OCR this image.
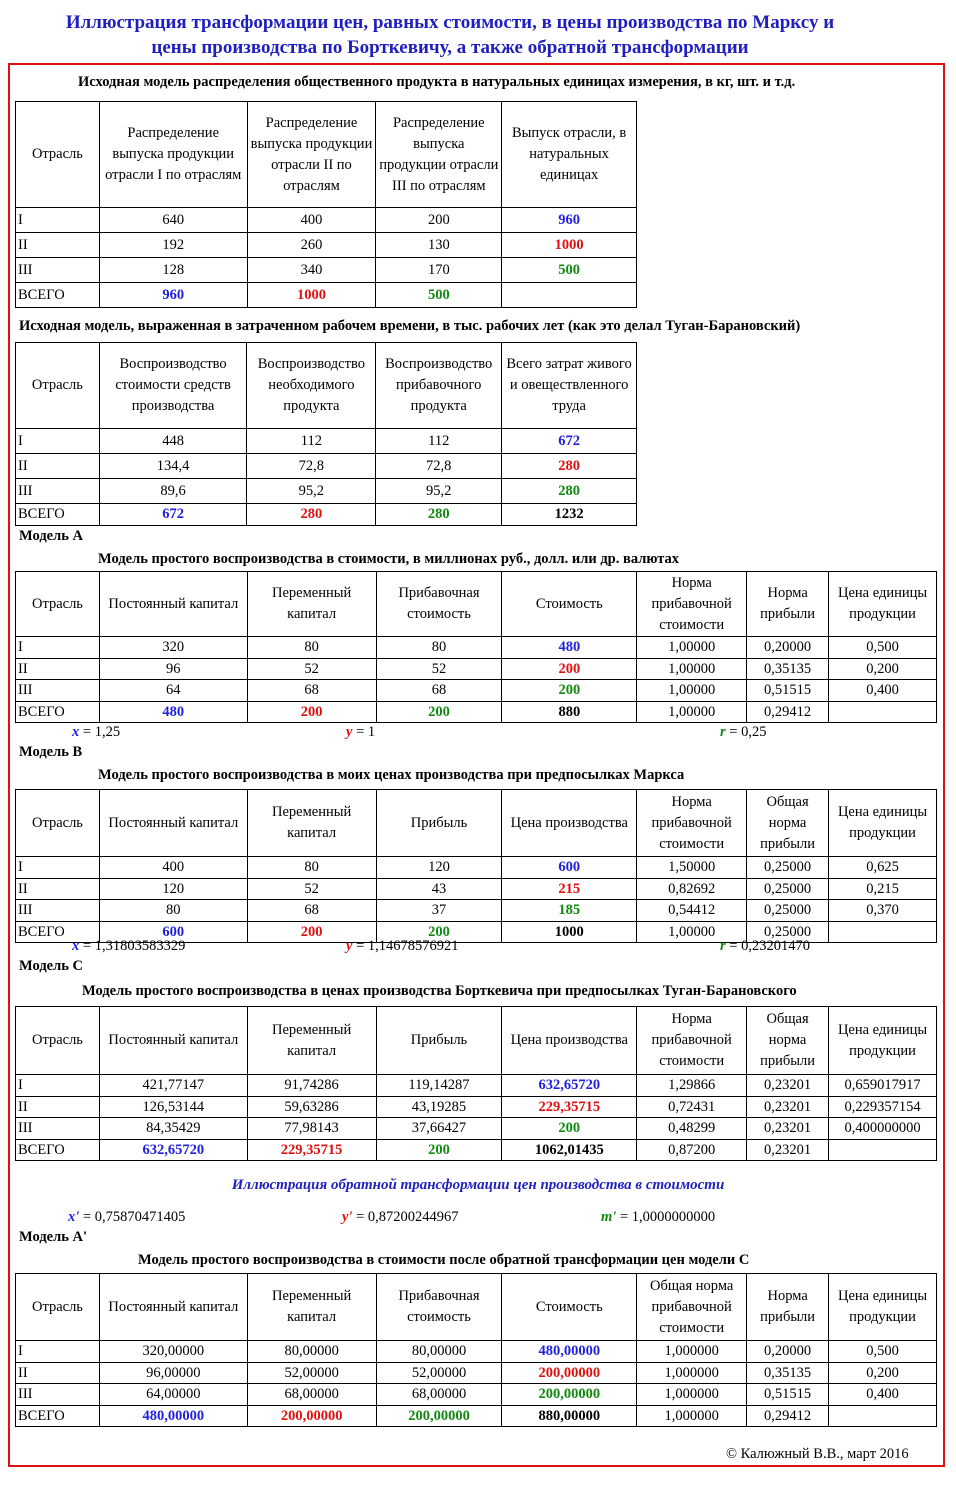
Иллюстрация трансформации цен, равных стоимости, в цены производства по Марксу и
цены производства по Борткевичу, а также обратной трансформации
Исходная модель распределения общественного продукта в натуральных единицах измерения, в кг, шт. и т.д.
Отрасль	Распределение выпуска продукции отрасли I по отраслям	Распределение выпуска продукции отрасли II по отраслям	Распределение выпуска продукции отрасли III по отраслям	Выпуск отрасли, в натуральных единицах
I	640	400	200	960
II	192	260	130	1000
III	128	340	170	500
ВСЕГО	960	1000	500	
Исходная модель, выраженная в затраченном рабочем времени, в тыс. рабочих лет (как это делал Туган-Барановский)
Отрасль	Воспроизводство стоимости средств производства	Воспроизводство необходимого продукта	Воспроизводство прибавочного продукта	Всего затрат живого и овеществленного труда
I	448	112	112	672
II	134,4	72,8	72,8	280
III	89,6	95,2	95,2	280
ВСЕГО	672	280	280	1232
Модель А
Модель простого воспроизводства в стоимости, в миллионах руб., долл. или др. валютах
Отрасль	Постоянный капитал	Переменный капитал	Прибавочная стоимость	Стоимость	Норма прибавочной стоимости	Норма прибыли	Цена единицы продукции
I	320	80	80	480	1,00000	0,20000	0,500
II	96	52	52	200	1,00000	0,35135	0,200
III	64	68	68	200	1,00000	0,51515	0,400
ВСЕГО	480	200	200	880	1,00000	0,29412	
x = 1,25	y = 1	r = 0,25
Модель В
Модель простого воспроизводства в моих ценах производства при предпосылках Маркса
Отрасль	Постоянный капитал	Переменный капитал	Прибыль	Цена производства	Норма прибавочной стоимости	Общая норма прибыли	Цена единицы продукции
I	400	80	120	600	1,50000	0,25000	0,625
II	120	52	43	215	0,82692	0,25000	0,215
III	80	68	37	185	0,54412	0,25000	0,370
ВСЕГО	600	200	200	1000	1,00000	0,25000	
x = 1,31803583329	y = 1,14678576921	r = 0,23201470
Модель С
Модель простого воспроизводства в ценах производства Борткевича при предпосылках Туган-Барановского
Отрасль	Постоянный капитал	Переменный капитал	Прибыль	Цена производства	Норма прибавочной стоимости	Общая норма прибыли	Цена единицы продукции
I	421,77147	91,74286	119,14287	632,65720	1,29866	0,23201	0,659017917
II	126,53144	59,63286	43,19285	229,35715	0,72431	0,23201	0,229357154
III	84,35429	77,98143	37,66427	200	0,48299	0,23201	0,400000000
ВСЕГО	632,65720	229,35715	200	1062,01435	0,87200	0,23201	
Иллюстрация обратной трансформации цен производства в стоимости
x' = 0,75870471405	y' = 0,87200244967	m' = 1,0000000000
Модель А'
Модель простого воспроизводства в стоимости после обратной трансформации цен модели С
Отрасль	Постоянный капитал	Переменный капитал	Прибавочная стоимость	Стоимость	Общая норма прибавочной стоимости	Норма прибыли	Цена единицы продукции
I	320,00000	80,00000	80,00000	480,00000	1,000000	0,20000	0,500
II	96,00000	52,00000	52,00000	200,00000	1,000000	0,35135	0,200
III	64,00000	68,00000	68,00000	200,00000	1,000000	0,51515	0,400
ВСЕГО	480,00000	200,00000	200,00000	880,00000	1,000000	0,29412	
© Калюжный В.В., март 2016
